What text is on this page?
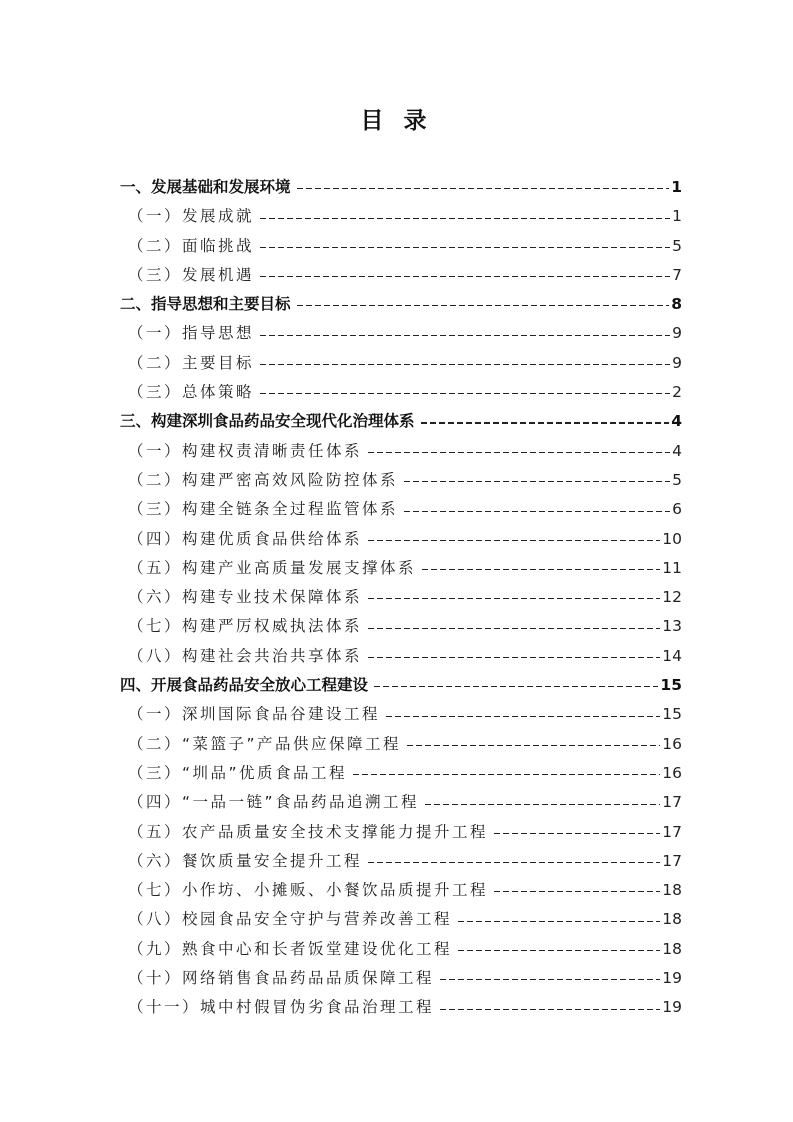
目 录
一、发展基础和发展环境	1
（一）发展成就	1
（二）面临挑战	5
（三）发展机遇	7
二、指导思想和主要目标	8
（一）指导思想	9
（二）主要目标	9
（三）总体策略	2
三、构建深圳食品药品安全现代化治理体系	4
（一）构建权责清晰责任体系	4
（二）构建严密高效风险防控体系	5
（三）构建全链条全过程监管体系	6
（四）构建优质食品供给体系	10
（五）构建产业高质量发展支撑体系	11
（六）构建专业技术保障体系	12
（七）构建严厉权威执法体系	13
（八）构建社会共治共享体系	14
四、开展食品药品安全放心工程建设	15
（一）深圳国际食品谷建设工程	15
（二）“菜篮子”产品供应保障工程	16
（三）“圳品”优质食品工程	16
（四）“一品一链”食品药品追溯工程	17
（五）农产品质量安全技术支撑能力提升工程	17
（六）餐饮质量安全提升工程	17
（七）小作坊、小摊贩、小餐饮品质提升工程	18
（八）校园食品安全守护与营养改善工程	18
（九）熟食中心和长者饭堂建设优化工程	18
（十）网络销售食品药品品质保障工程	19
（十一）城中村假冒伪劣食品治理工程	19
